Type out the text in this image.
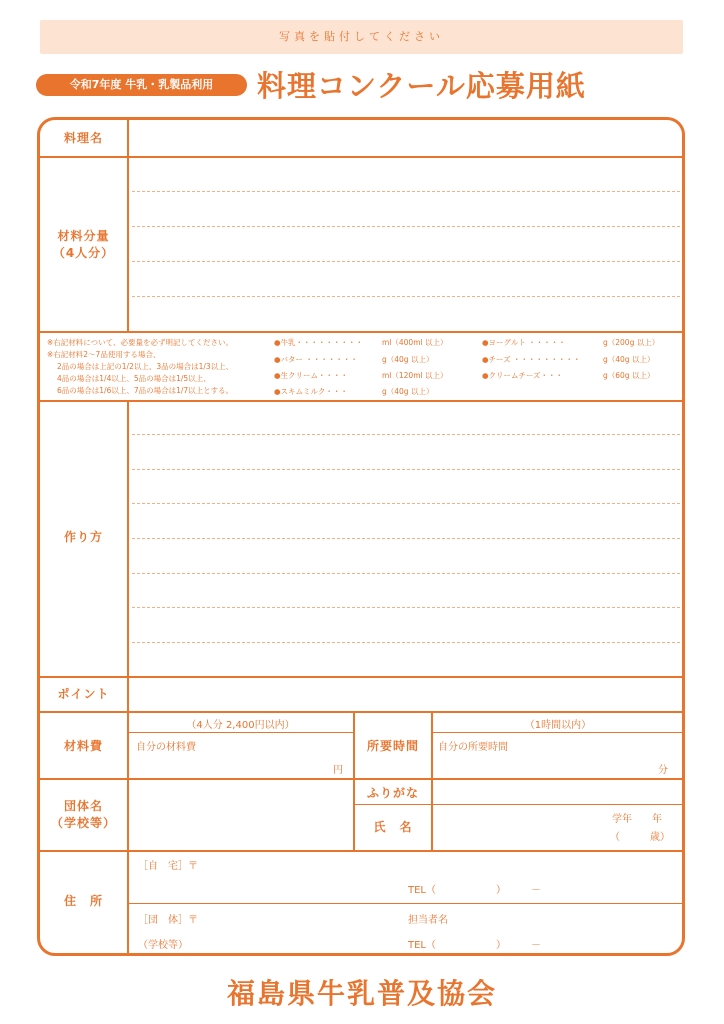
写真を貼付してください
令和7年度 牛乳・乳製品利用	料理コンクール応募用紙
料理名
材料分量
（4人分）
作り方
ポイント
材料費
団体名
（学校等）
住　所
※右記材料について、必要量を必ず明記してください。
※右記材料2〜7品使用する場合、
2品の場合は上記の1/2以上、3品の場合は1/3以上、
4品の場合は1/4以上、5品の場合は1/5以上、
6品の場合は1/6以上、7品の場合は1/7以上とする。
●牛乳・・・・・・・・・	ml（400ml 以上）
●バター ・・・・・・・	g（40g 以上）
●生クリーム・・・・	ml（120ml 以上）
●スキムミルク・・・	g（40g 以上）
●ヨーグルト ・・・・・	g（200g 以上）
●チーズ ・・・・・・・・・	g（40g 以上）
●クリームチーズ・・・	g（60g 以上）
（4人分 2,400円以内）
自分の材料費
円
所要時間
（1時間以内）
自分の所要時間
分
ふりがな
氏　名
学年　　年
（　　　歳）
［自　宅］〒
TEL（　　　　　　）　　　－
［団　体］〒	担当者名
（学校等）	TEL（　　　　　　）　　　－
福島県牛乳普及協会
